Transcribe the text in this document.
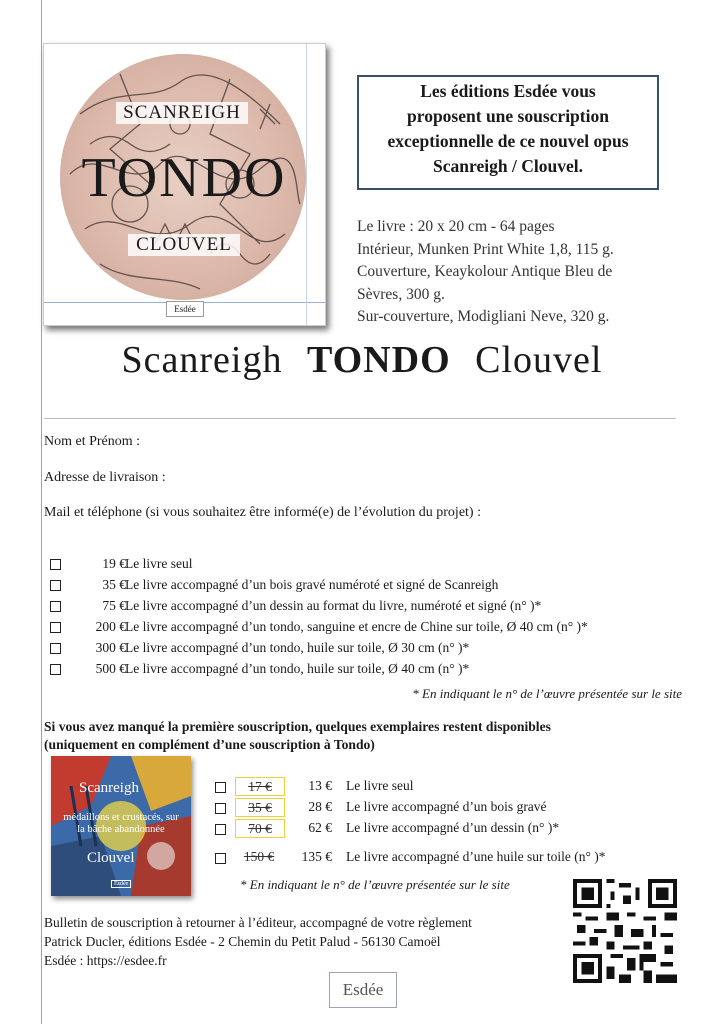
SCANREIGH
TONDO
CLOUVEL
Esdée
Les éditions Esdée vous
proposent une souscription
exceptionnelle de ce nouvel opus
Scanreigh / Clouvel.
Le livre : 20 x 20 cm - 64 pages
Intérieur, Munken Print White 1,8, 115 g.
Couverture, Keaykolour Antique Bleu de
Sèvres, 300 g.
Sur-couverture, Modigliani Neve, 320 g.
Scanreigh TONDO Clouvel
Nom et Prénom :
Adresse de livraison :
Mail et téléphone (si vous souhaitez être informé(e) de l’évolution du projet) :
19 € Le livre seul
35 € Le livre accompagné d’un bois gravé numéroté et signé de Scanreigh
75 € Le livre accompagné d’un dessin au format du livre, numéroté et signé (n° )*
200 € Le livre accompagné d’un tondo, sanguine et encre de Chine sur toile, Ø 40 cm (n° )*
300 € Le livre accompagné d’un tondo, huile sur toile, Ø 30 cm (n° )*
500 € Le livre accompagné d’un tondo, huile sur toile, Ø 40 cm (n° )*
* En indiquant le n° de l’œuvre présentée sur le site
Si vous avez manqué la première souscription, quelques exemplaires restent disponibles
(uniquement en complément d’une souscription à Tondo)
Scanreigh
médaillons et crustacés, sur la bâche abandonnée
Clouvel
Esdée
17 €	13 € Le livre seul
35 €	28 € Le livre accompagné d’un bois gravé
70 €	62 € Le livre accompagné d’un dessin (n° )*
150 €	135 € Le livre accompagné d’une huile sur toile (n° )*
* En indiquant le n° de l’œuvre présentée sur le site
Bulletin de souscription à retourner à l’éditeur, accompagné de votre règlement
Patrick Ducler, éditions Esdée - 2 Chemin du Petit Palud - 56130 Camoël
Esdée : https://esdee.fr
Esdée
